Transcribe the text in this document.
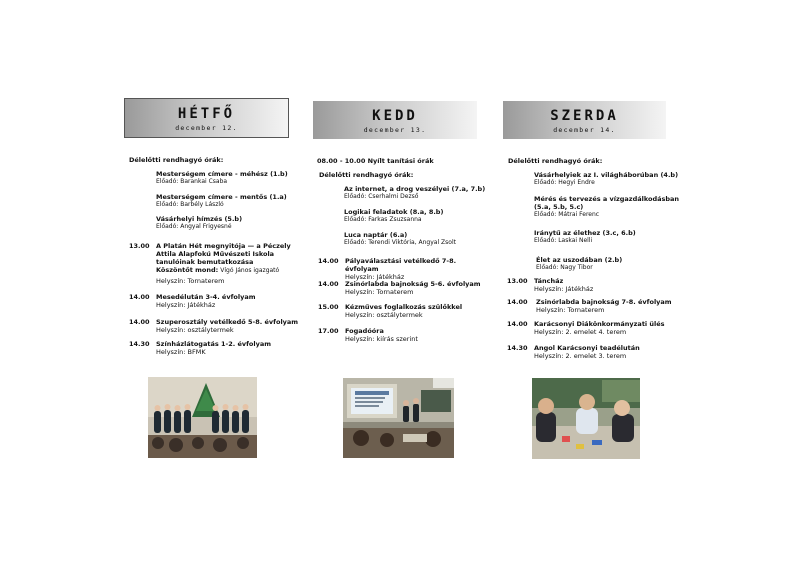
HÉTFŐ
december 12.
Délelőtti rendhagyó órák:
Mesterségem címere - méhész (1.b)
Előadó: Barankai Csaba
Mesterségem címere - mentős (1.a)
Előadó: Barbély László
Vásárhelyi hímzés (5.b)
Előadó: Angyal Frigyesné
13.00 A Platán Hét megnyitója — a Péczely
Attila Alapfokú Művészeti Iskola
tanulóinak bemutatkozása
Köszöntőt mond: Vígó János igazgató
Helyszín: Tornaterem
14.00 Mesedélután 3-4. évfolyam
Helyszín: Játékház
14.00 Szuperosztály vetélkedő 5-8. évfolyam
Helyszín: osztálytermek
14.30 Színházlátogatás 1-2. évfolyam
Helyszín: BFMK
KEDD
december 13.
08.00 - 10.00 Nyílt tanítási órák
Délelőtti rendhagyó órák:
Az internet, a drog veszélyei (7.a, 7.b)
Előadó: Cserhalmi Dezső
Logikai feladatok (8.a, 8.b)
Előadó: Farkas Zsuzsanna
Luca naptár (6.a)
Előadó: Terendi Viktória, Angyal Zsolt
14.00 Pályaválasztási vetélkedő 7-8. évfolyam
Helyszín: Játékház
14.00 Zsinórlabda bajnokság 5-6. évfolyam
Helyszín: Tornaterem
15.00 Kézműves foglalkozás szülőkkel
Helyszín: osztálytermek
17.00 Fogadóóra
Helyszín: kiírás szerint
SZERDA
december 14.
Délelőtti rendhagyó órák:
Vásárhelyiek az I. világháborúban (4.b)
Előadó: Hegyi Endre
Mérés és tervezés a vízgazdálkodásban
(5.a, 5.b, 5.c)
Előadó: Mátrai Ferenc
Iránytű az élethez (3.c, 6.b)
Előadó: Laskai Nelli
Élet az uszodában (2.b)
Előadó: Nagy Tibor
13.00 Táncház
Helyszín: Játékház
14.00 Zsinórlabda bajnokság 7-8. évfolyam
Helyszín: Tornaterem
14.00 Karácsonyi Diákönkormányzati ülés
Helyszín: 2. emelet 4. terem
14.30 Angol Karácsonyi teadélután
Helyszín: 2. emelet 3. terem
